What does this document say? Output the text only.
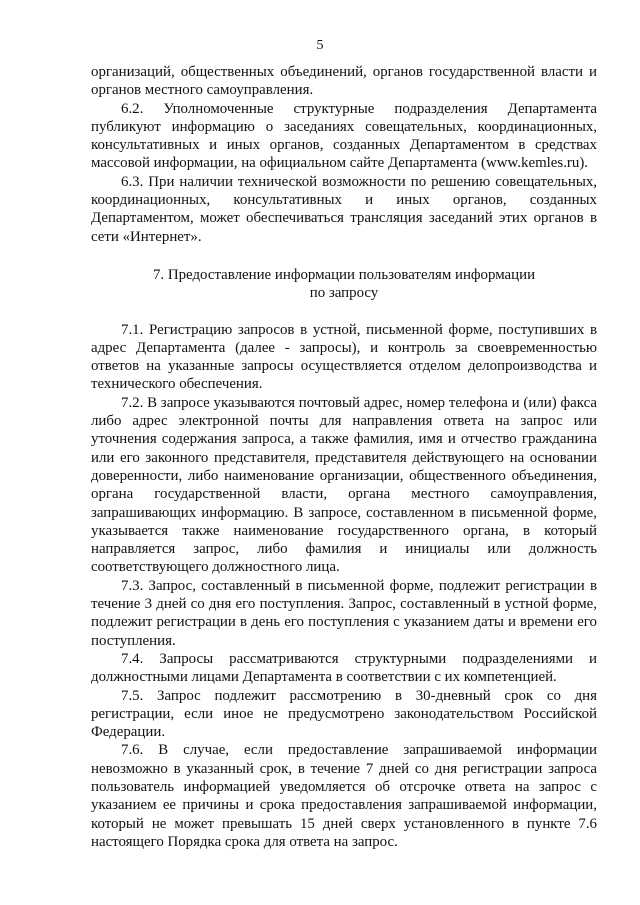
5

организаций, общественных объединений, органов государственной власти и органов местного самоуправления.

6.2. Уполномоченные структурные подразделения Департамента публикуют информацию о заседаниях совещательных, координационных, консультативных и иных органов, созданных Департаментом в средствах массовой информации, на официальном сайте Департамента (www.kemles.ru).

6.3. При наличии технической возможности по решению совещательных, координационных, консультативных и иных органов, созданных Департаментом, может обеспечиваться трансляция заседаний этих органов в сети «Интернет».

7. Предоставление информации пользователям информации
по запросу

7.1. Регистрацию запросов в устной, письменной форме, поступивших в адрес Департамента (далее - запросы), и контроль за своевременностью ответов на указанные запросы осуществляется отделом делопроизводства и технического обеспечения.

7.2. В запросе указываются почтовый адрес, номер телефона и (или) факса либо адрес электронной почты для направления ответа на запрос или уточнения содержания запроса, а также фамилия, имя и отчество гражданина или его законного представителя, представителя действующего на основании доверенности, либо наименование организации, общественного объединения, органа государственной власти, органа местного самоуправления, запрашивающих информацию. В запросе, составленном в письменной форме, указывается также наименование государственного органа, в который направляется запрос, либо фамилия и инициалы или должность соответствующего должностного лица.

7.3. Запрос, составленный в письменной форме, подлежит регистрации в течение 3 дней со дня его поступления. Запрос, составленный в устной форме, подлежит регистрации в день его поступления с указанием даты и времени его поступления.

7.4. Запросы рассматриваются структурными подразделениями и должностными лицами Департамента в соответствии с их компетенцией.

7.5. Запрос подлежит рассмотрению в 30-дневный срок со дня регистрации, если иное не предусмотрено законодательством Российской Федерации.

7.6. В случае, если предоставление запрашиваемой информации невозможно в указанный срок, в течение 7 дней со дня регистрации запроса пользователь информацией уведомляется об отсрочке ответа на запрос с указанием ее причины и срока предоставления запрашиваемой информации, который не может превышать 15 дней сверх установленного в пункте 7.6 настоящего Порядка срока для ответа на запрос.
